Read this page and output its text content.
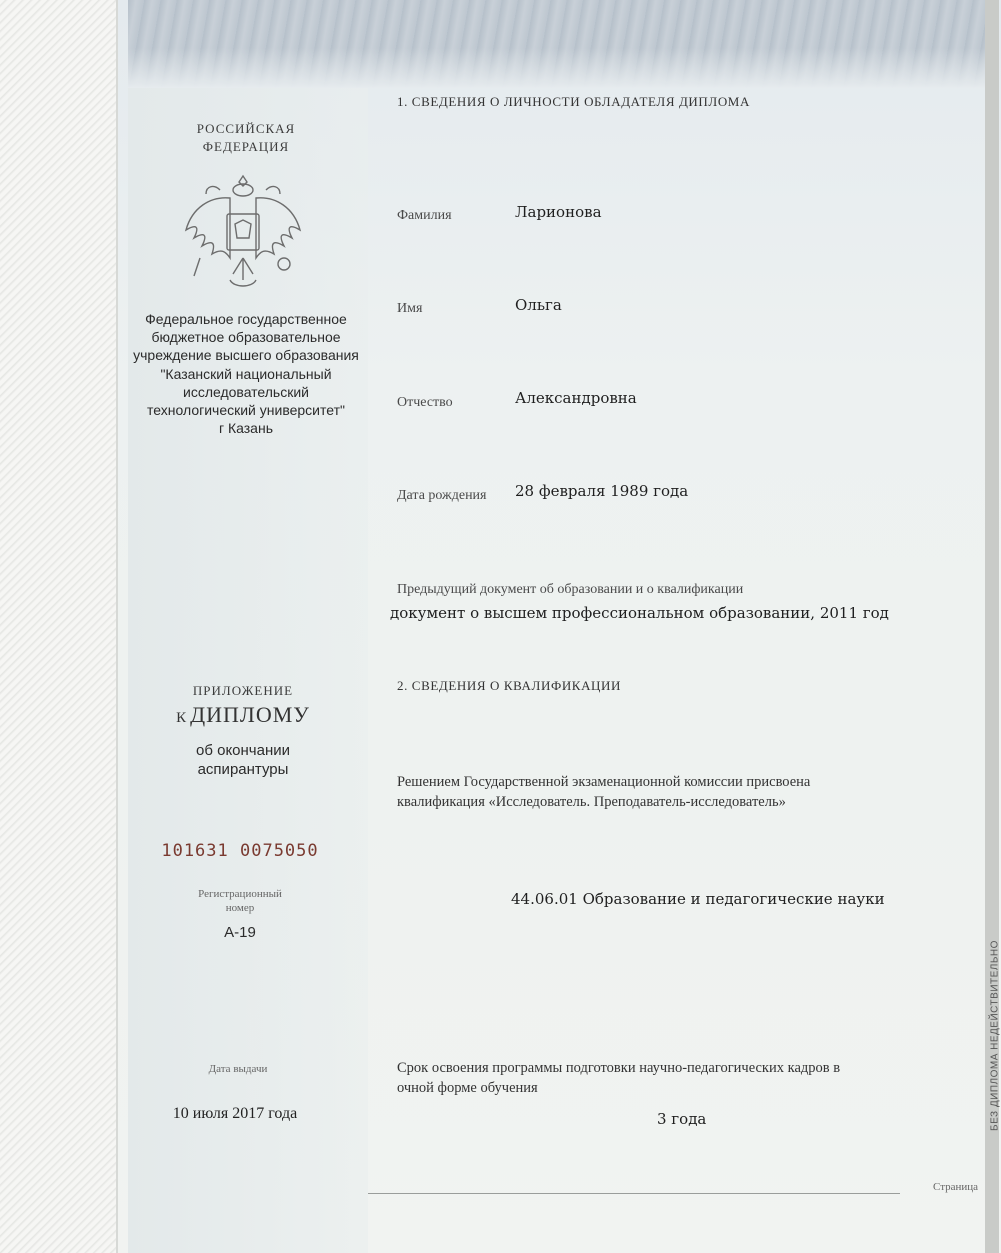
БЕЗ ДИПЛОМА НЕДЕЙСТВИТЕЛЬНО
РОССИЙСКАЯ ФЕДЕРАЦИЯ
Федеральное государственное
бюджетное образовательное
учреждение высшего образования
"Казанский национальный
исследовательский
технологический университет"
г Казань
ПРИЛОЖЕНИЕ
К ДИПЛОМУ
об окончании
аспирантуры
101631 0075050
Регистрационный
номер
А-19
Дата выдачи
10 июля 2017 года
1. СВЕДЕНИЯ О ЛИЧНОСТИ ОБЛАДАТЕЛЯ ДИПЛОМА
Фамилия	Ларионова
Имя	Ольга
Отчество	Александровна
Дата рождения 28 февраля 1989 года
Предыдущий документ об образовании и о квалификации
документ о высшем профессиональном образовании, 2011 год
2. СВЕДЕНИЯ О КВАЛИФИКАЦИИ
Решением Государственной экзаменационной комиссии присвоена
квалификация «Исследователь. Преподаватель-исследователь»
44.06.01 Образование и педагогические науки
Срок освоения программы подготовки научно-педагогических кадров в
очной форме обучения
3 года
Страница
